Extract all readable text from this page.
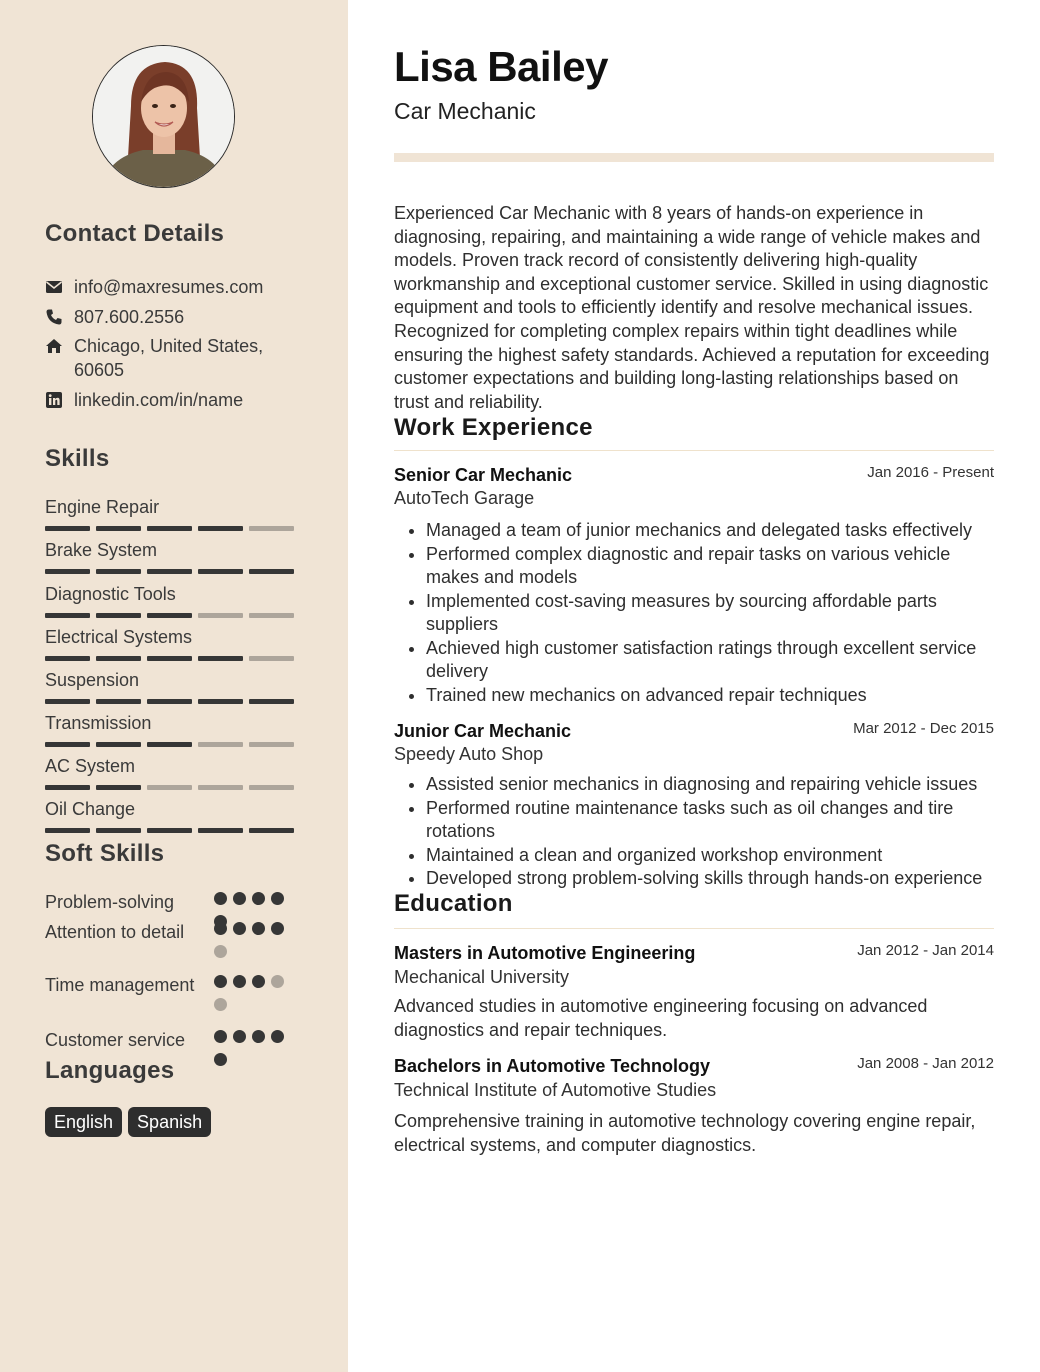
Contact Details
info@maxresumes.com
807.600.2556
Chicago, United States, 60605
linkedin.com/in/name
Skills
Engine Repair
Brake System
Diagnostic Tools
Electrical Systems
Suspension
Transmission
AC System
Oil Change
Soft Skills
Problem-solving
Attention to detail
Time management
Customer service
Languages
English	Spanish
Lisa Bailey
Car Mechanic
Experienced Car Mechanic with 8 years of hands-on experience in diagnosing, repairing, and maintaining a wide range of vehicle makes and models. Proven track record of consistently delivering high-quality workmanship and exceptional customer service. Skilled in using diagnostic equipment and tools to efficiently identify and resolve mechanical issues. Recognized for completing complex repairs within tight deadlines while ensuring the highest safety standards. Achieved a reputation for exceeding customer expectations and building long-lasting relationships based on trust and reliability.
Work Experience
Senior Car Mechanic	Jan 2016 - Present
AutoTech Garage
• Managed a team of junior mechanics and delegated tasks effectively
• Performed complex diagnostic and repair tasks on various vehicle makes and models
• Implemented cost-saving measures by sourcing affordable parts suppliers
• Achieved high customer satisfaction ratings through excellent service delivery
• Trained new mechanics on advanced repair techniques
Junior Car Mechanic	Mar 2012 - Dec 2015
Speedy Auto Shop
• Assisted senior mechanics in diagnosing and repairing vehicle issues
• Performed routine maintenance tasks such as oil changes and tire rotations
• Maintained a clean and organized workshop environment
• Developed strong problem-solving skills through hands-on experience
Education
Masters in Automotive Engineering	Jan 2012 - Jan 2014
Mechanical University
Advanced studies in automotive engineering focusing on advanced diagnostics and repair techniques.
Bachelors in Automotive Technology	Jan 2008 - Jan 2012
Technical Institute of Automotive Studies
Comprehensive training in automotive technology covering engine repair, electrical systems, and computer diagnostics.
